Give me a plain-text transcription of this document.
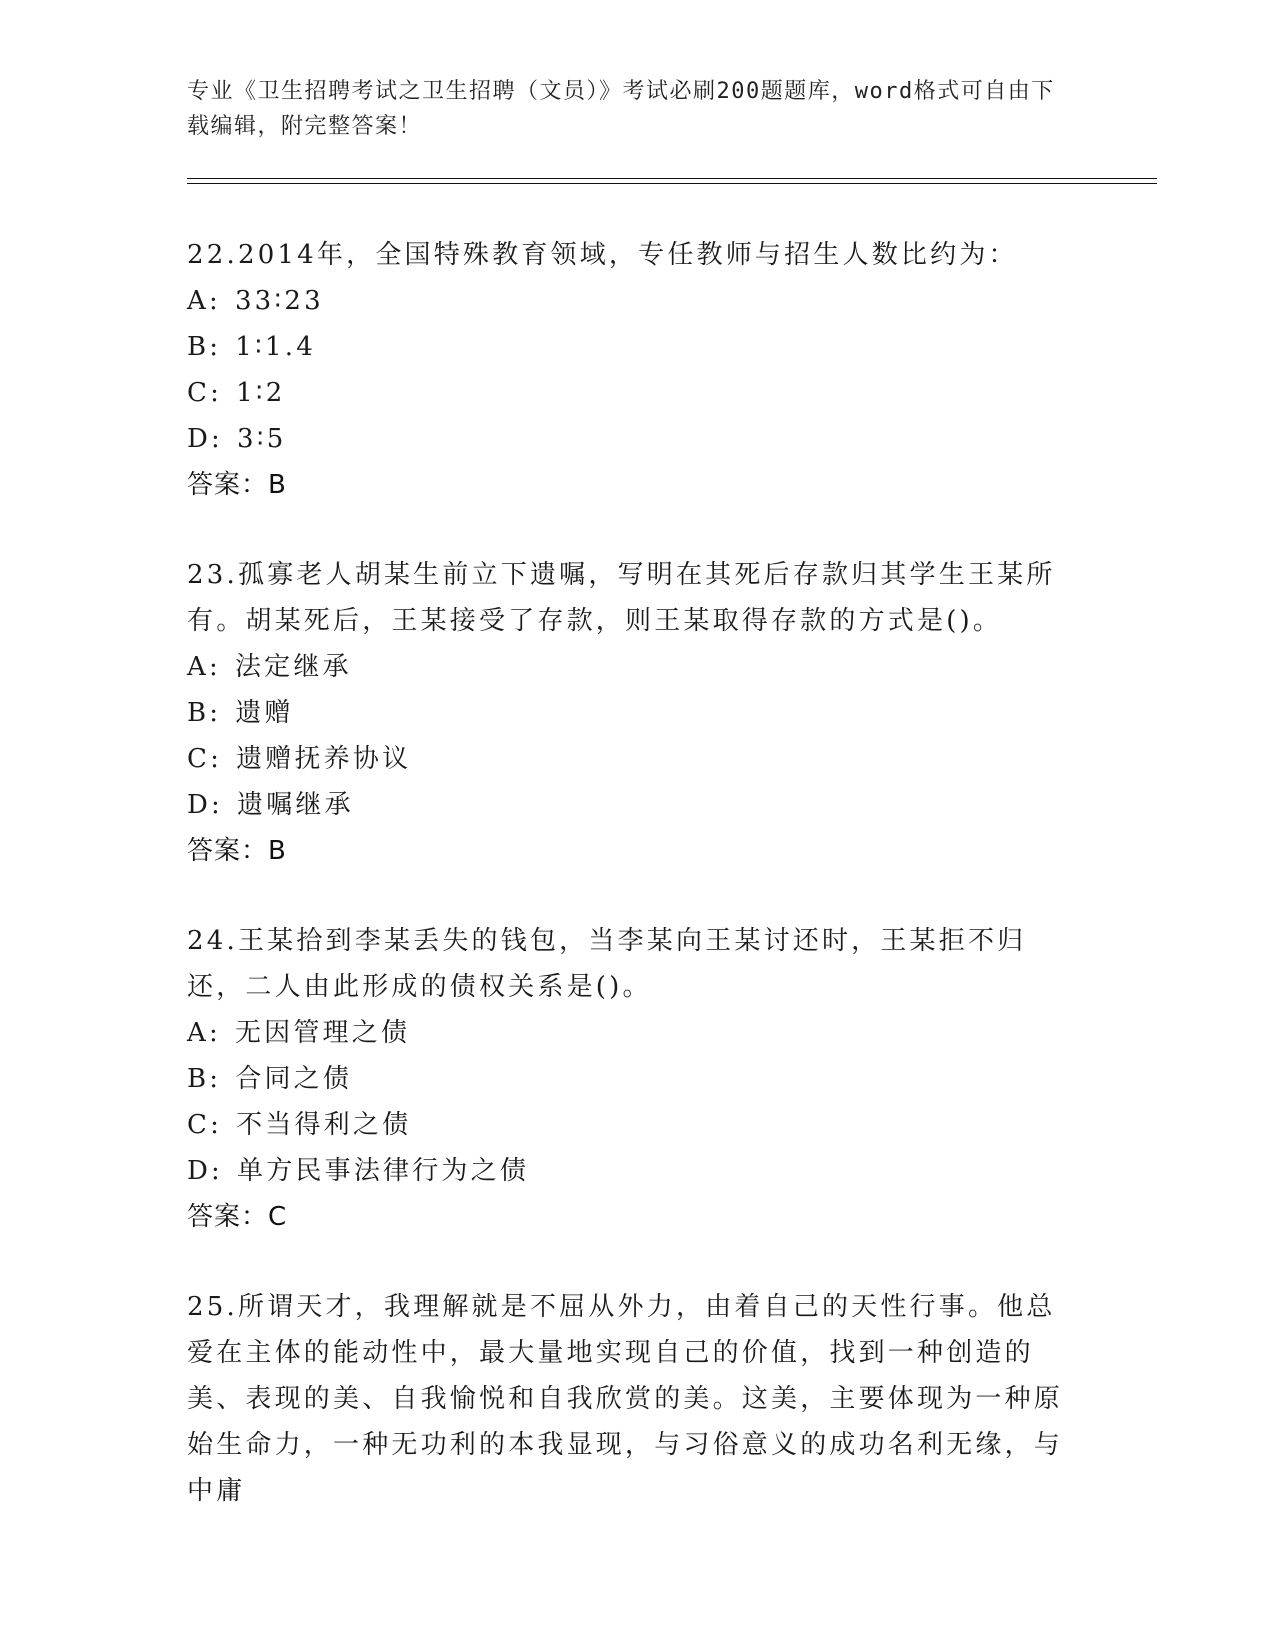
专业《卫生招聘考试之卫生招聘（文员）》考试必刷200题题库，word格式可自由下载编辑，附完整答案！

22.2014年，全国特殊教育领域，专任教师与招生人数比约为：

A: 33∶23
B: 1∶1.4
C: 1∶2
D: 3∶5
答案：B

23.孤寡老人胡某生前立下遗嘱，写明在其死后存款归其学生王某所有。胡某死后，王某接受了存款，则王某取得存款的方式是()。

A: 法定继承
B: 遗赠
C: 遗赠抚养协议
D: 遗嘱继承
答案：B

24.王某拾到李某丢失的钱包，当李某向王某讨还时，王某拒不归还，二人由此形成的债权关系是()。

A: 无因管理之债
B: 合同之债
C: 不当得利之债
D: 单方民事法律行为之债
答案：C

25.所谓天才，我理解就是不屈从外力，由着自己的天性行事。他总爱在主体的能动性中，最大量地实现自己的价值，找到一种创造的美、表现的美、自我愉悦和自我欣赏的美。这美，主要体现为一种原始生命力，一种无功利的本我显现，与习俗意义的成功名利无缘，与中庸
